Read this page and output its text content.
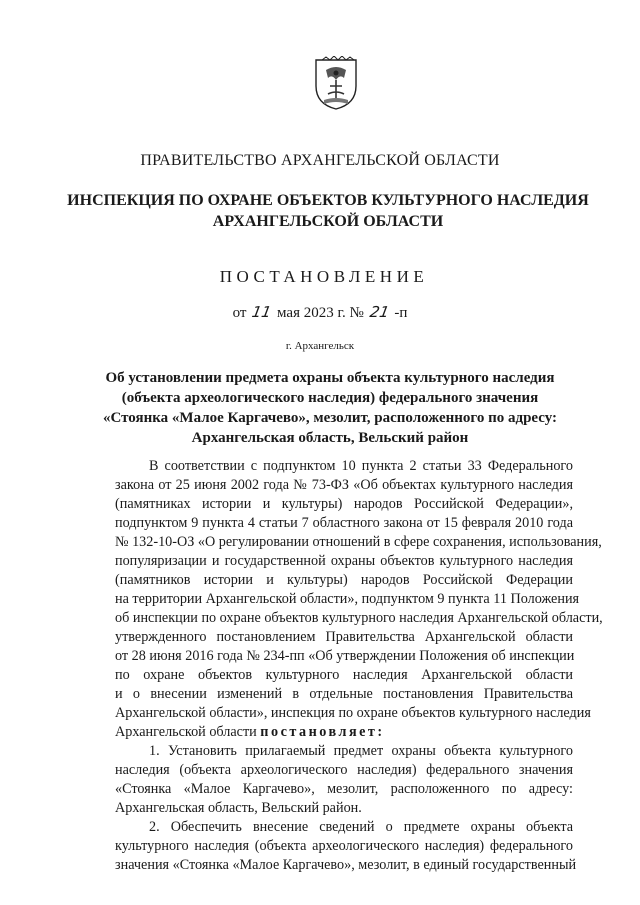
ПРАВИТЕЛЬСТВО АРХАНГЕЛЬСКОЙ ОБЛАСТИ
ИНСПЕКЦИЯ ПО ОХРАНЕ ОБЪЕКТОВ КУЛЬТУРНОГО НАСЛЕДИЯ
АРХАНГЕЛЬСКОЙ ОБЛАСТИ
ПОСТАНОВЛЕНИЕ
от 11 мая 2023 г. № 21 -п
г. Архангельск
Об установлении предмета охраны объекта культурного наследия
(объекта археологического наследия) федерального значения
«Стоянка «Малое Каргачево», мезолит, расположенного по адресу:
Архангельская область, Вельский район
В соответствии с подпунктом 10 пункта 2 статьи 33 Федерального
закона от 25 июня 2002 года № 73-ФЗ «Об объектах культурного наследия
(памятниках истории и культуры) народов Российской Федерации»,
подпунктом 9 пункта 4 статьи 7 областного закона от 15 февраля 2010 года
№ 132-10-ОЗ «О регулировании отношений в сфере сохранения, использования,
популяризации и государственной охраны объектов культурного наследия
(памятников истории и культуры) народов Российской Федерации
на территории Архангельской области», подпунктом 9 пункта 11 Положения
об инспекции по охране объектов культурного наследия Архангельской области,
утвержденного постановлением Правительства Архангельской области
от 28 июня 2016 года № 234-пп «Об утверждении Положения об инспекции
по охране объектов культурного наследия Архангельской области
и о внесении изменений в отдельные постановления Правительства
Архангельской области», инспекция по охране объектов культурного наследия
Архангельской области постановляет:
1. Установить прилагаемый предмет охраны объекта культурного
наследия (объекта археологического наследия) федерального значения
«Стоянка «Малое Каргачево», мезолит, расположенного по адресу:
Архангельская область, Вельский район.
2. Обеспечить внесение сведений о предмете охраны объекта
культурного наследия (объекта археологического наследия) федерального
значения «Стоянка «Малое Каргачево», мезолит, в единый государственный
